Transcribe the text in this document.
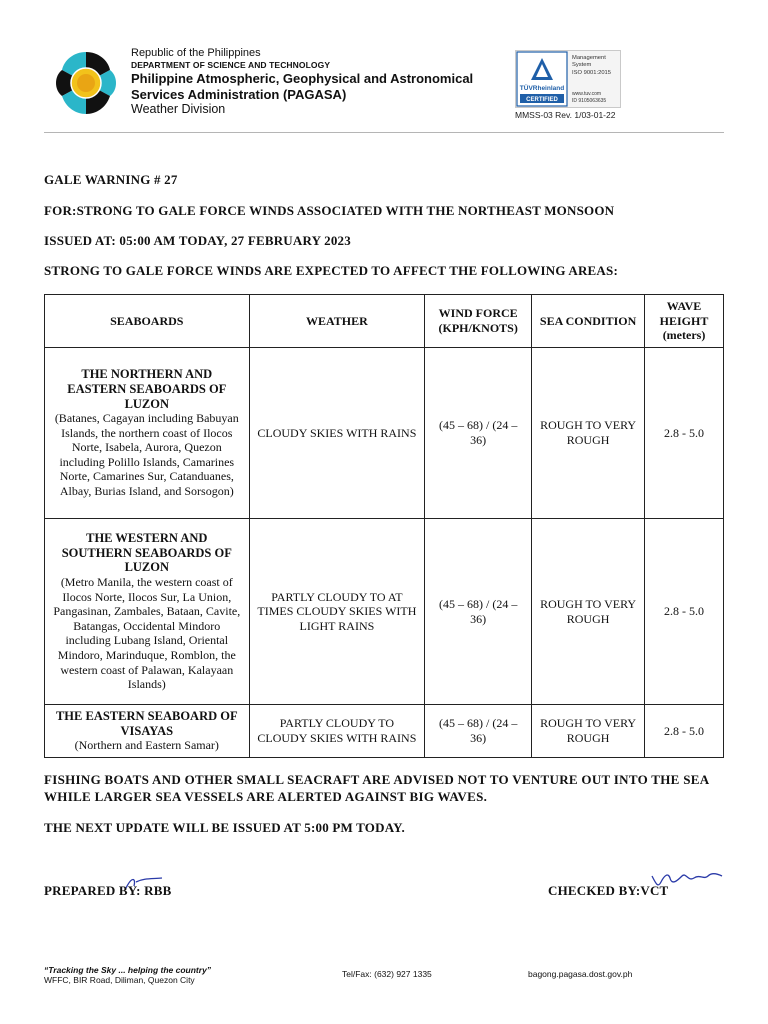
Republic of the Philippines
DEPARTMENT OF SCIENCE AND TECHNOLOGY
Philippine Atmospheric, Geophysical and Astronomical
Services Administration (PAGASA)
Weather Division
TÜVRheinland
CERTIFIED
Management
System
ISO 9001:2015
www.tuv.com
ID 9105063635
MMSS-03 Rev. 1/03-01-22
GALE WARNING # 27
FOR:STRONG TO GALE FORCE WINDS ASSOCIATED WITH THE NORTHEAST MONSOON
ISSUED AT: 05:00 AM TODAY, 27 FEBRUARY 2023
STRONG TO GALE FORCE WINDS ARE EXPECTED TO AFFECT THE FOLLOWING AREAS:
SEABOARDS	WEATHER	WIND FORCE (KPH/KNOTS)	SEA CONDITION	WAVE HEIGHT (meters)

THE NORTHERN AND EASTERN SEABOARDS OF LUZON
(Batanes, Cagayan including Babuyan Islands, the northern coast of Ilocos Norte, Isabela, Aurora, Quezon including Polillo Islands, Camarines Norte, Camarines Sur, Catanduanes, Albay, Burias Island, and Sorsogon)	CLOUDY SKIES WITH RAINS	(45 – 68) / (24 – 36)	ROUGH TO VERY ROUGH	2.8 - 5.0

THE WESTERN AND SOUTHERN SEABOARDS OF LUZON
(Metro Manila, the western coast of Ilocos Norte, Ilocos Sur, La Union, Pangasinan, Zambales, Bataan, Cavite, Batangas, Occidental Mindoro including Lubang Island, Oriental Mindoro, Marinduque, Romblon, the western coast of Palawan, Kalayaan Islands)	PARTLY CLOUDY TO AT TIMES CLOUDY SKIES WITH LIGHT RAINS	(45 – 68) / (24 – 36)	ROUGH TO VERY ROUGH	2.8 - 5.0

THE EASTERN SEABOARD OF VISAYAS
(Northern and Eastern Samar)	PARTLY CLOUDY TO CLOUDY SKIES WITH RAINS	(45 – 68) / (24 – 36)	ROUGH TO VERY ROUGH	2.8 - 5.0
FISHING BOATS AND OTHER SMALL SEACRAFT ARE ADVISED NOT TO VENTURE OUT INTO THE SEA WHILE LARGER SEA VESSELS ARE ALERTED AGAINST BIG WAVES.
THE NEXT UPDATE WILL BE ISSUED AT 5:00 PM TODAY.
PREPARED BY: RBB	CHECKED BY:VCT
“Tracking the Sky ... helping the country”
WFFC, BIR Road, Diliman, Quezon City
Tel/Fax: (632) 927 1335	bagong.pagasa.dost.gov.ph
